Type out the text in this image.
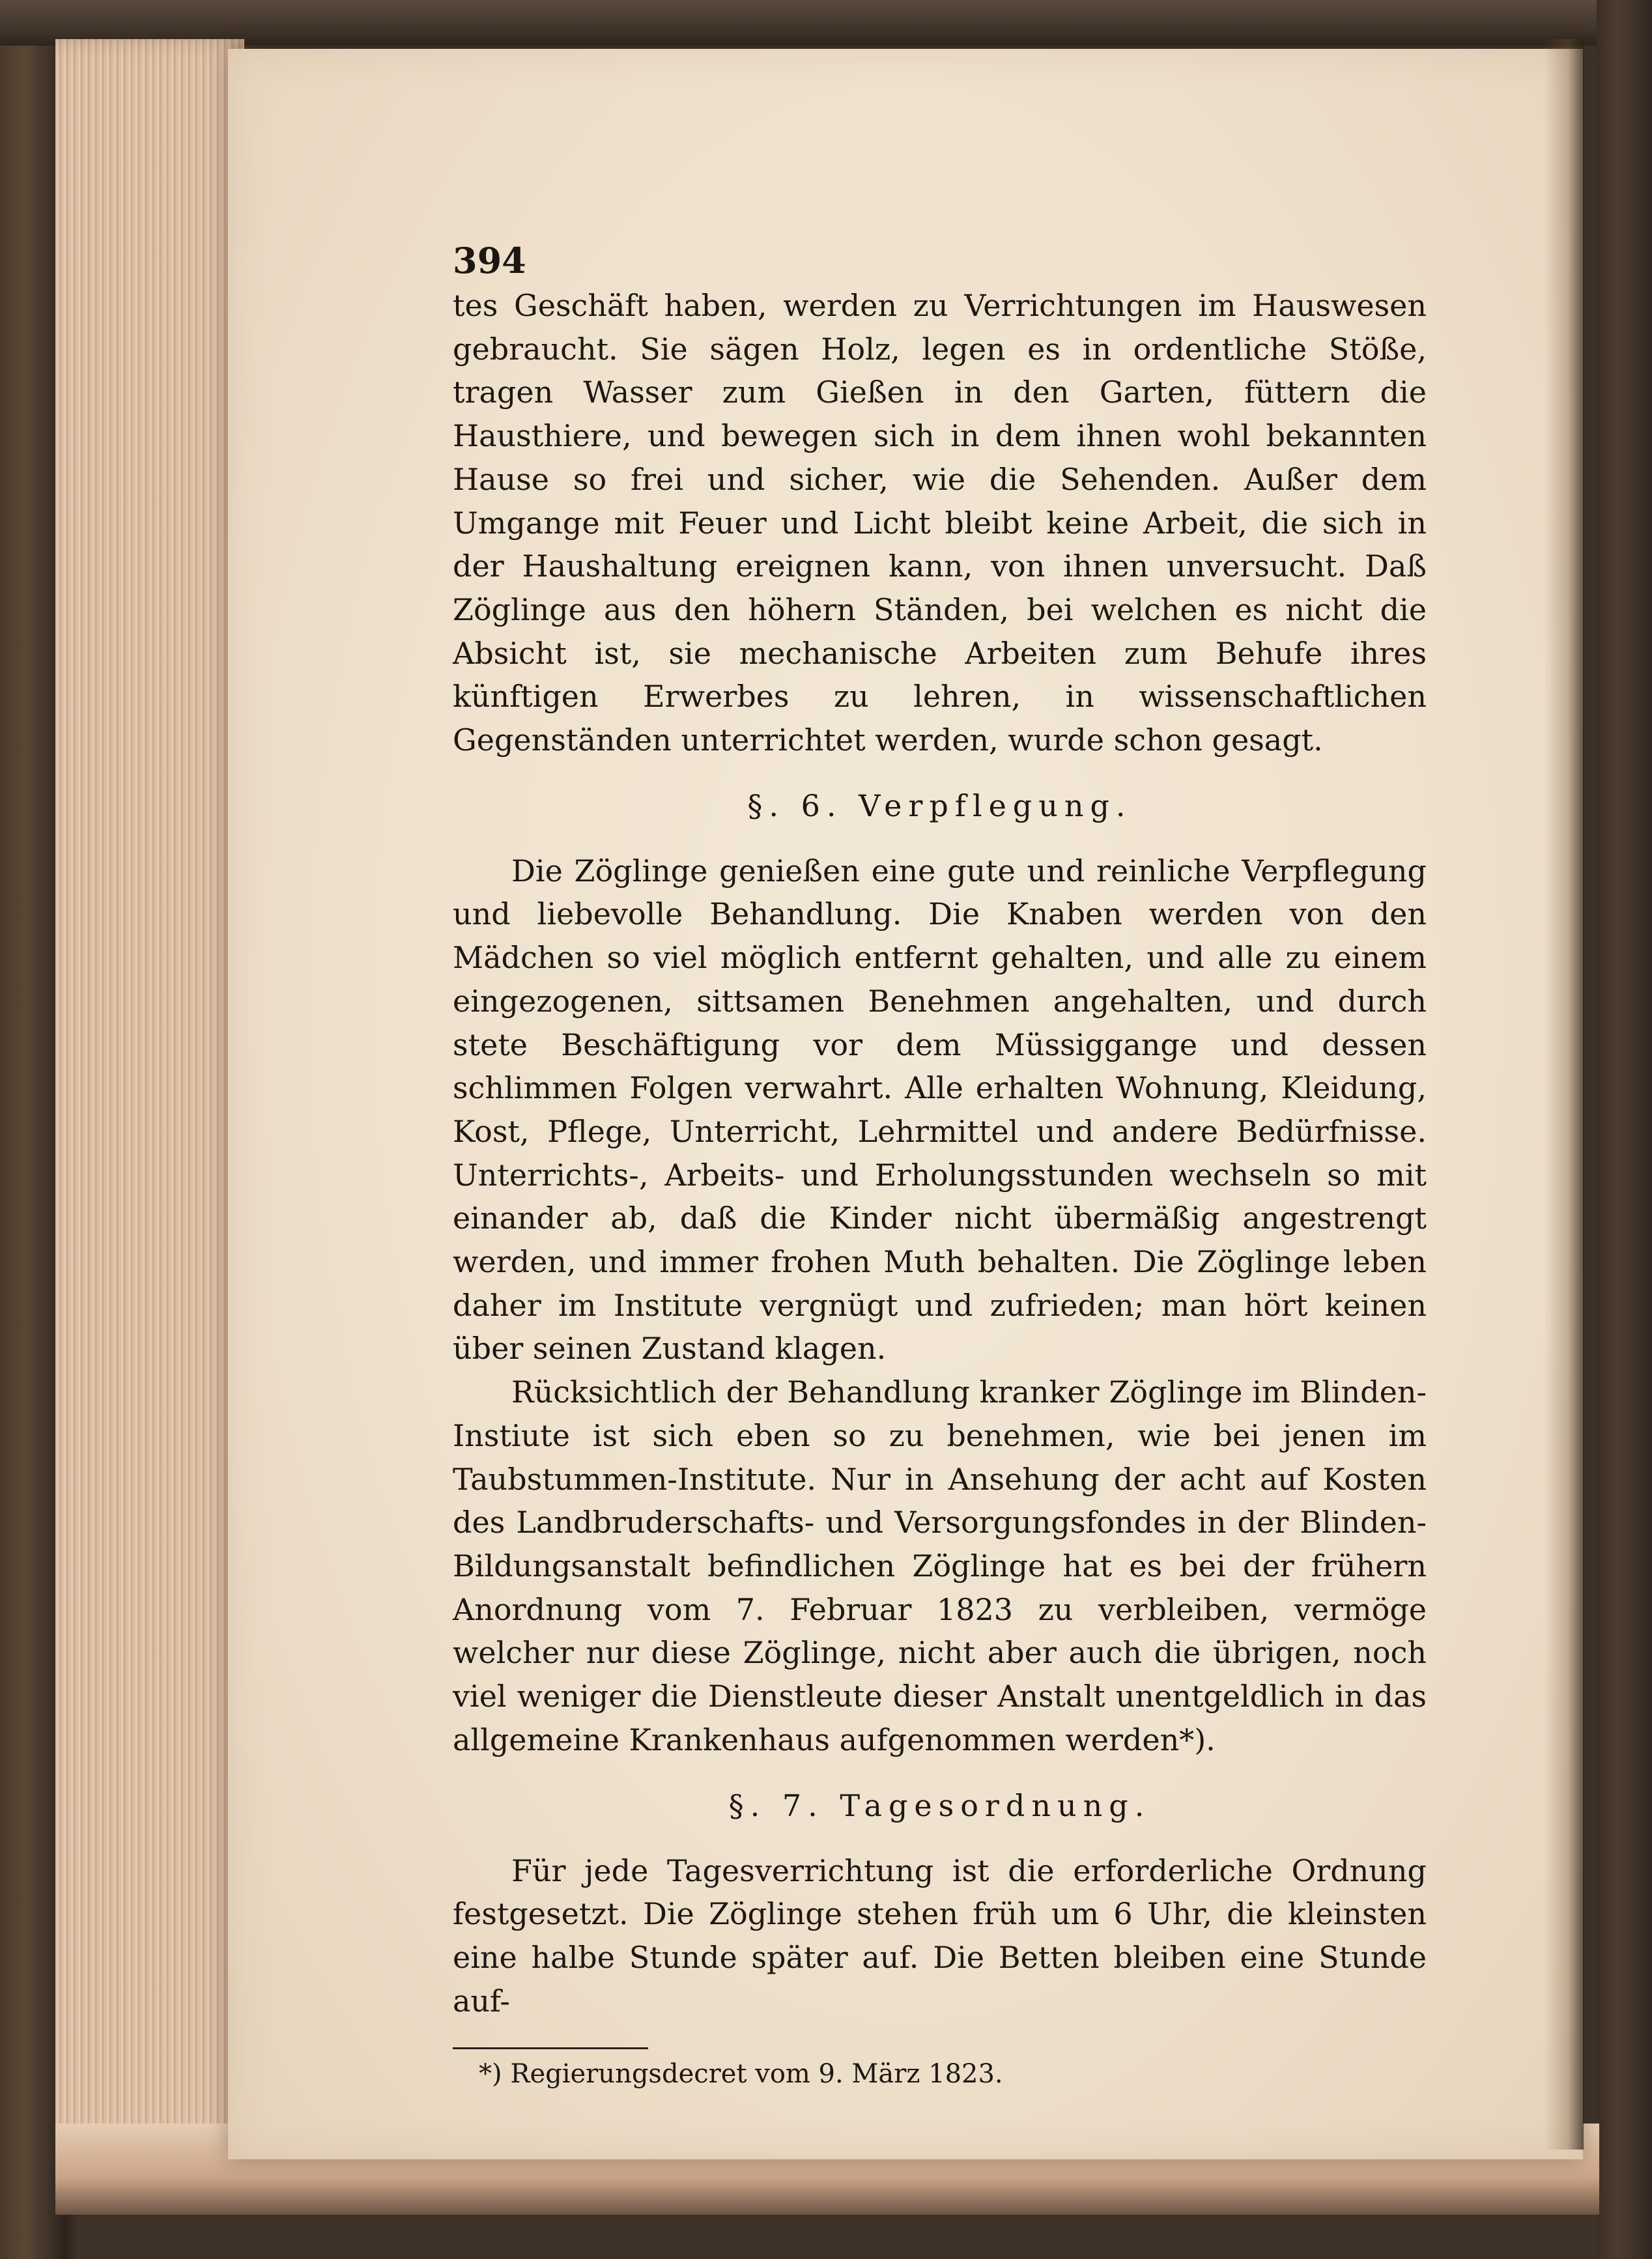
394

tes Geschäft haben, werden zu Verrichtungen im Hauswesen gebraucht. Sie sägen Holz, legen es in ordentliche Stöße, tragen Wasser zum Gießen in den Garten, füttern die Hausthiere, und bewegen sich in dem ihnen wohl bekannten Hause so frei und sicher, wie die Sehenden. Außer dem Umgange mit Feuer und Licht bleibt keine Arbeit, die sich in der Haushaltung ereignen kann, von ihnen unversucht. Daß Zöglinge aus den höhern Ständen, bei welchen es nicht die Absicht ist, sie mechanische Arbeiten zum Behufe ihres künftigen Erwerbes zu lehren, in wissenschaftlichen Gegenständen unterrichtet werden, wurde schon gesagt.

§. 6. Verpflegung.

Die Zöglinge genießen eine gute und reinliche Verpflegung und liebevolle Behandlung. Die Knaben werden von den Mädchen so viel möglich entfernt gehalten, und alle zu einem eingezogenen, sittsamen Benehmen angehalten, und durch stete Beschäftigung vor dem Müssiggange und dessen schlimmen Folgen verwahrt. Alle erhalten Wohnung, Kleidung, Kost, Pflege, Unterricht, Lehrmittel und andere Bedürfnisse. Unterrichts-, Arbeits- und Erholungsstunden wechseln so mit einander ab, daß die Kinder nicht übermäßig angestrengt werden, und immer frohen Muth behalten. Die Zöglinge leben daher im Institute vergnügt und zufrieden; man hört keinen über seinen Zustand klagen.

Rücksichtlich der Behandlung kranker Zöglinge im Blinden-Instiute ist sich eben so zu benehmen, wie bei jenen im Taubstummen-Institute. Nur in Ansehung der acht auf Kosten des Landbruderschafts- und Versorgungsfondes in der Blinden-Bildungsanstalt befindlichen Zöglinge hat es bei der frühern Anordnung vom 7. Februar 1823 zu verbleiben, vermöge welcher nur diese Zöglinge, nicht aber auch die übrigen, noch viel weniger die Dienstleute dieser Anstalt unentgeldlich in das allgemeine Krankenhaus aufgenommen werden*).

§. 7. Tagesordnung.

Für jede Tagesverrichtung ist die erforderliche Ordnung festgesetzt. Die Zöglinge stehen früh um 6 Uhr, die kleinsten eine halbe Stunde später auf. Die Betten bleiben eine Stunde auf-

*) Regierungsdecret vom 9. März 1823.
